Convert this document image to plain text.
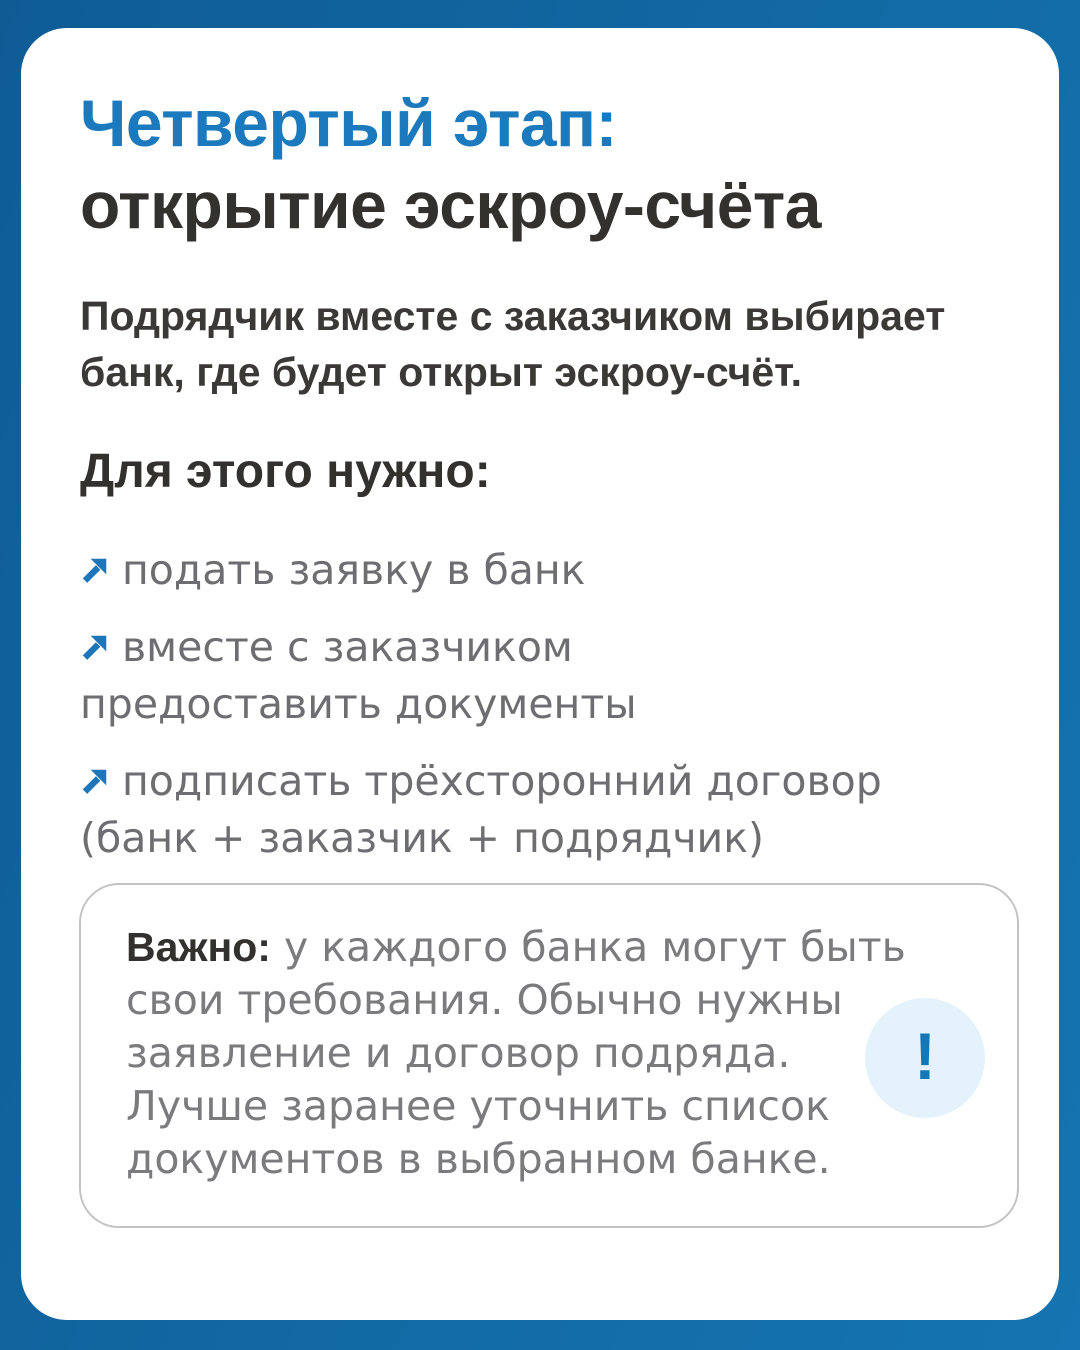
Четвертый этап:
открытие эскроу-счёта
Подрядчик вместе с заказчиком выбирает
банк, где будет открыт эскроу-счёт.
Для этого нужно:
подать заявку в банк
вместе с заказчиком
предоставить документы
подписать трёхсторонний договор
(банк + заказчик + подрядчик)
Важно: у каждого банка могут быть
свои требования. Обычно нужны
заявление и договор подряда.
Лучше заранее уточнить список
документов в выбранном банке.
!
